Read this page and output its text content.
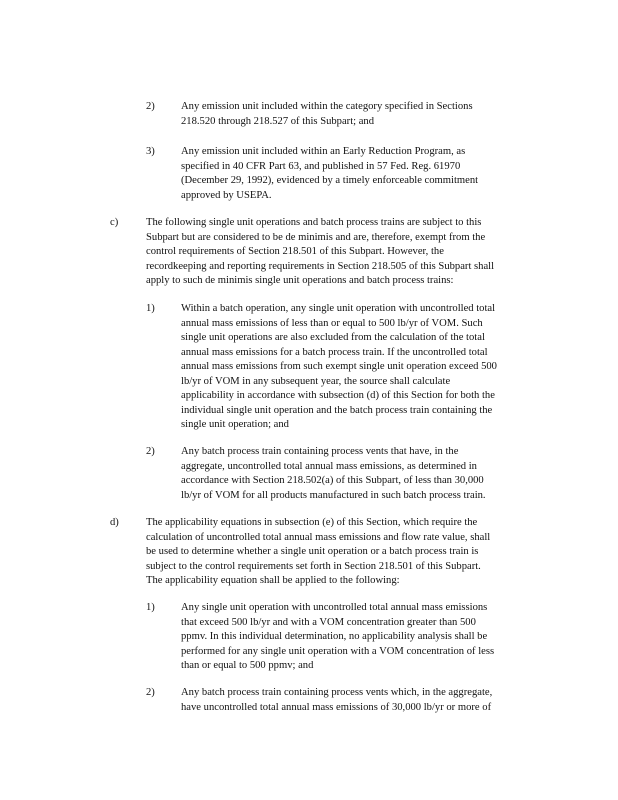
2)	Any emission unit included within the category specified in Sections
218.520 through 218.527 of this Subpart; and
3)	Any emission unit included within an Early Reduction Program, as
specified in 40 CFR Part 63, and published in 57 Fed. Reg. 61970
(December 29, 1992), evidenced by a timely enforceable commitment
approved by USEPA.
c)	The following single unit operations and batch process trains are subject to this
Subpart but are considered to be de minimis and are, therefore, exempt from the
control requirements of Section 218.501 of this Subpart. However, the
recordkeeping and reporting requirements in Section 218.505 of this Subpart shall
apply to such de minimis single unit operations and batch process trains:
1)	Within a batch operation, any single unit operation with uncontrolled total
annual mass emissions of less than or equal to 500 lb/yr of VOM. Such
single unit operations are also excluded from the calculation of the total
annual mass emissions for a batch process train. If the uncontrolled total
annual mass emissions from such exempt single unit operation exceed 500
lb/yr of VOM in any subsequent year, the source shall calculate
applicability in accordance with subsection (d) of this Section for both the
individual single unit operation and the batch process train containing the
single unit operation; and
2)	Any batch process train containing process vents that have, in the
aggregate, uncontrolled total annual mass emissions, as determined in
accordance with Section 218.502(a) of this Subpart, of less than 30,000
lb/yr of VOM for all products manufactured in such batch process train.
d)	The applicability equations in subsection (e) of this Section, which require the
calculation of uncontrolled total annual mass emissions and flow rate value, shall
be used to determine whether a single unit operation or a batch process train is
subject to the control requirements set forth in Section 218.501 of this Subpart.
The applicability equation shall be applied to the following:
1)	Any single unit operation with uncontrolled total annual mass emissions
that exceed 500 lb/yr and with a VOM concentration greater than 500
ppmv. In this individual determination, no applicability analysis shall be
performed for any single unit operation with a VOM concentration of less
than or equal to 500 ppmv; and
2)	Any batch process train containing process vents which, in the aggregate,
have uncontrolled total annual mass emissions of 30,000 lb/yr or more of
